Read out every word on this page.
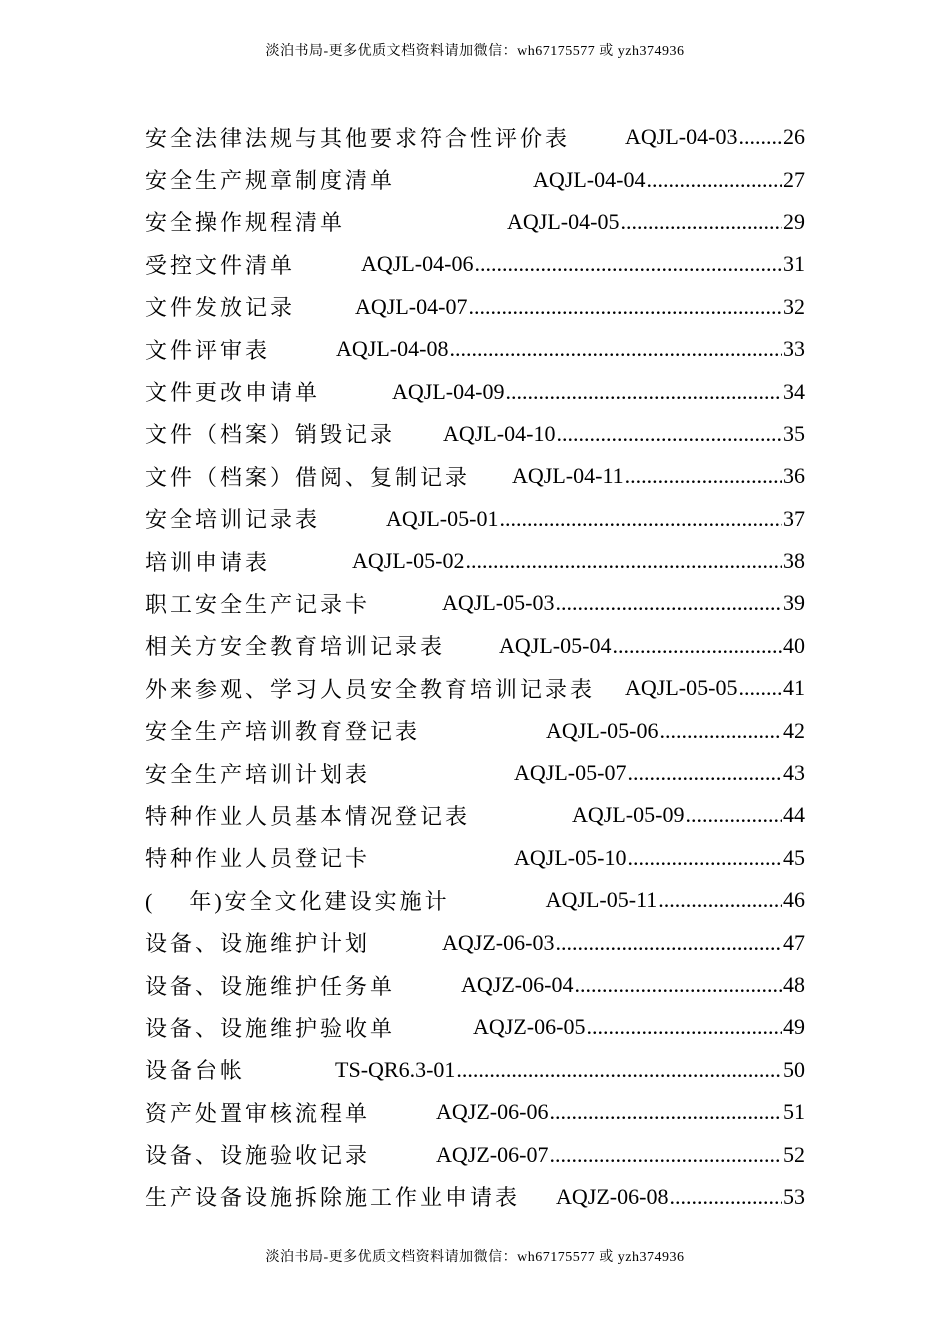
淡泊书局-更多优质文档资料请加微信：wh67175577 或 yzh374936
安全法律法规与其他要求符合性评价表	AQJL-04-03 ..... 26
安全生产规章制度清单	AQJL-04-04 .....	27
安全操作规程清单	AQJL-04-05 .....	29
受控文件清单	AQJL-04-06 .....	31
文件发放记录	AQJL-04-07 .....	32
文件评审表	AQJL-04-08 .....	33
文件更改申请单	AQJL-04-09 .....	34
文件（档案）销毁记录 AQJL-04-10 .....	35
文件（档案）借阅、复制记录 AQJL-04-11 .....	36
安全培训记录表	AQJL-05-01 .....	37
培训申请表	AQJL-05-02 .....	38
职工安全生产记录卡	AQJL-05-03 .....	39
相关方安全教育培训记录表 AQJL-05-04 .....	40
外来参观、学习人员安全教育培训记录表 AQJL-05-05 ..... 41
安全生产培训教育登记表	AQJL-05-06 .....	42
安全生产培训计划表	AQJL-05-07 .....	43
特种作业人员基本情况登记表	AQJL-05-09 .....	44
特种作业人员登记卡	AQJL-05-10 .....	45
(    年)安全文化建设实施计	AQJL-05-11 .....	46
设备、设施维护计划	AQJZ-06-03 .....	47
设备、设施维护任务单	AQJZ-06-04 .....	48
设备、设施维护验收单	AQJZ-06-05 .....	49
设备台帐	TS-QR6.3-01 .....	50
资产处置审核流程单	AQJZ-06-06 .....	51
设备、设施验收记录	AQJZ-06-07 .....	52
生产设备设施拆除施工作业申请表 AQJZ-06-08 .....	53
淡泊书局-更多优质文档资料请加微信：wh67175577 或 yzh374936
